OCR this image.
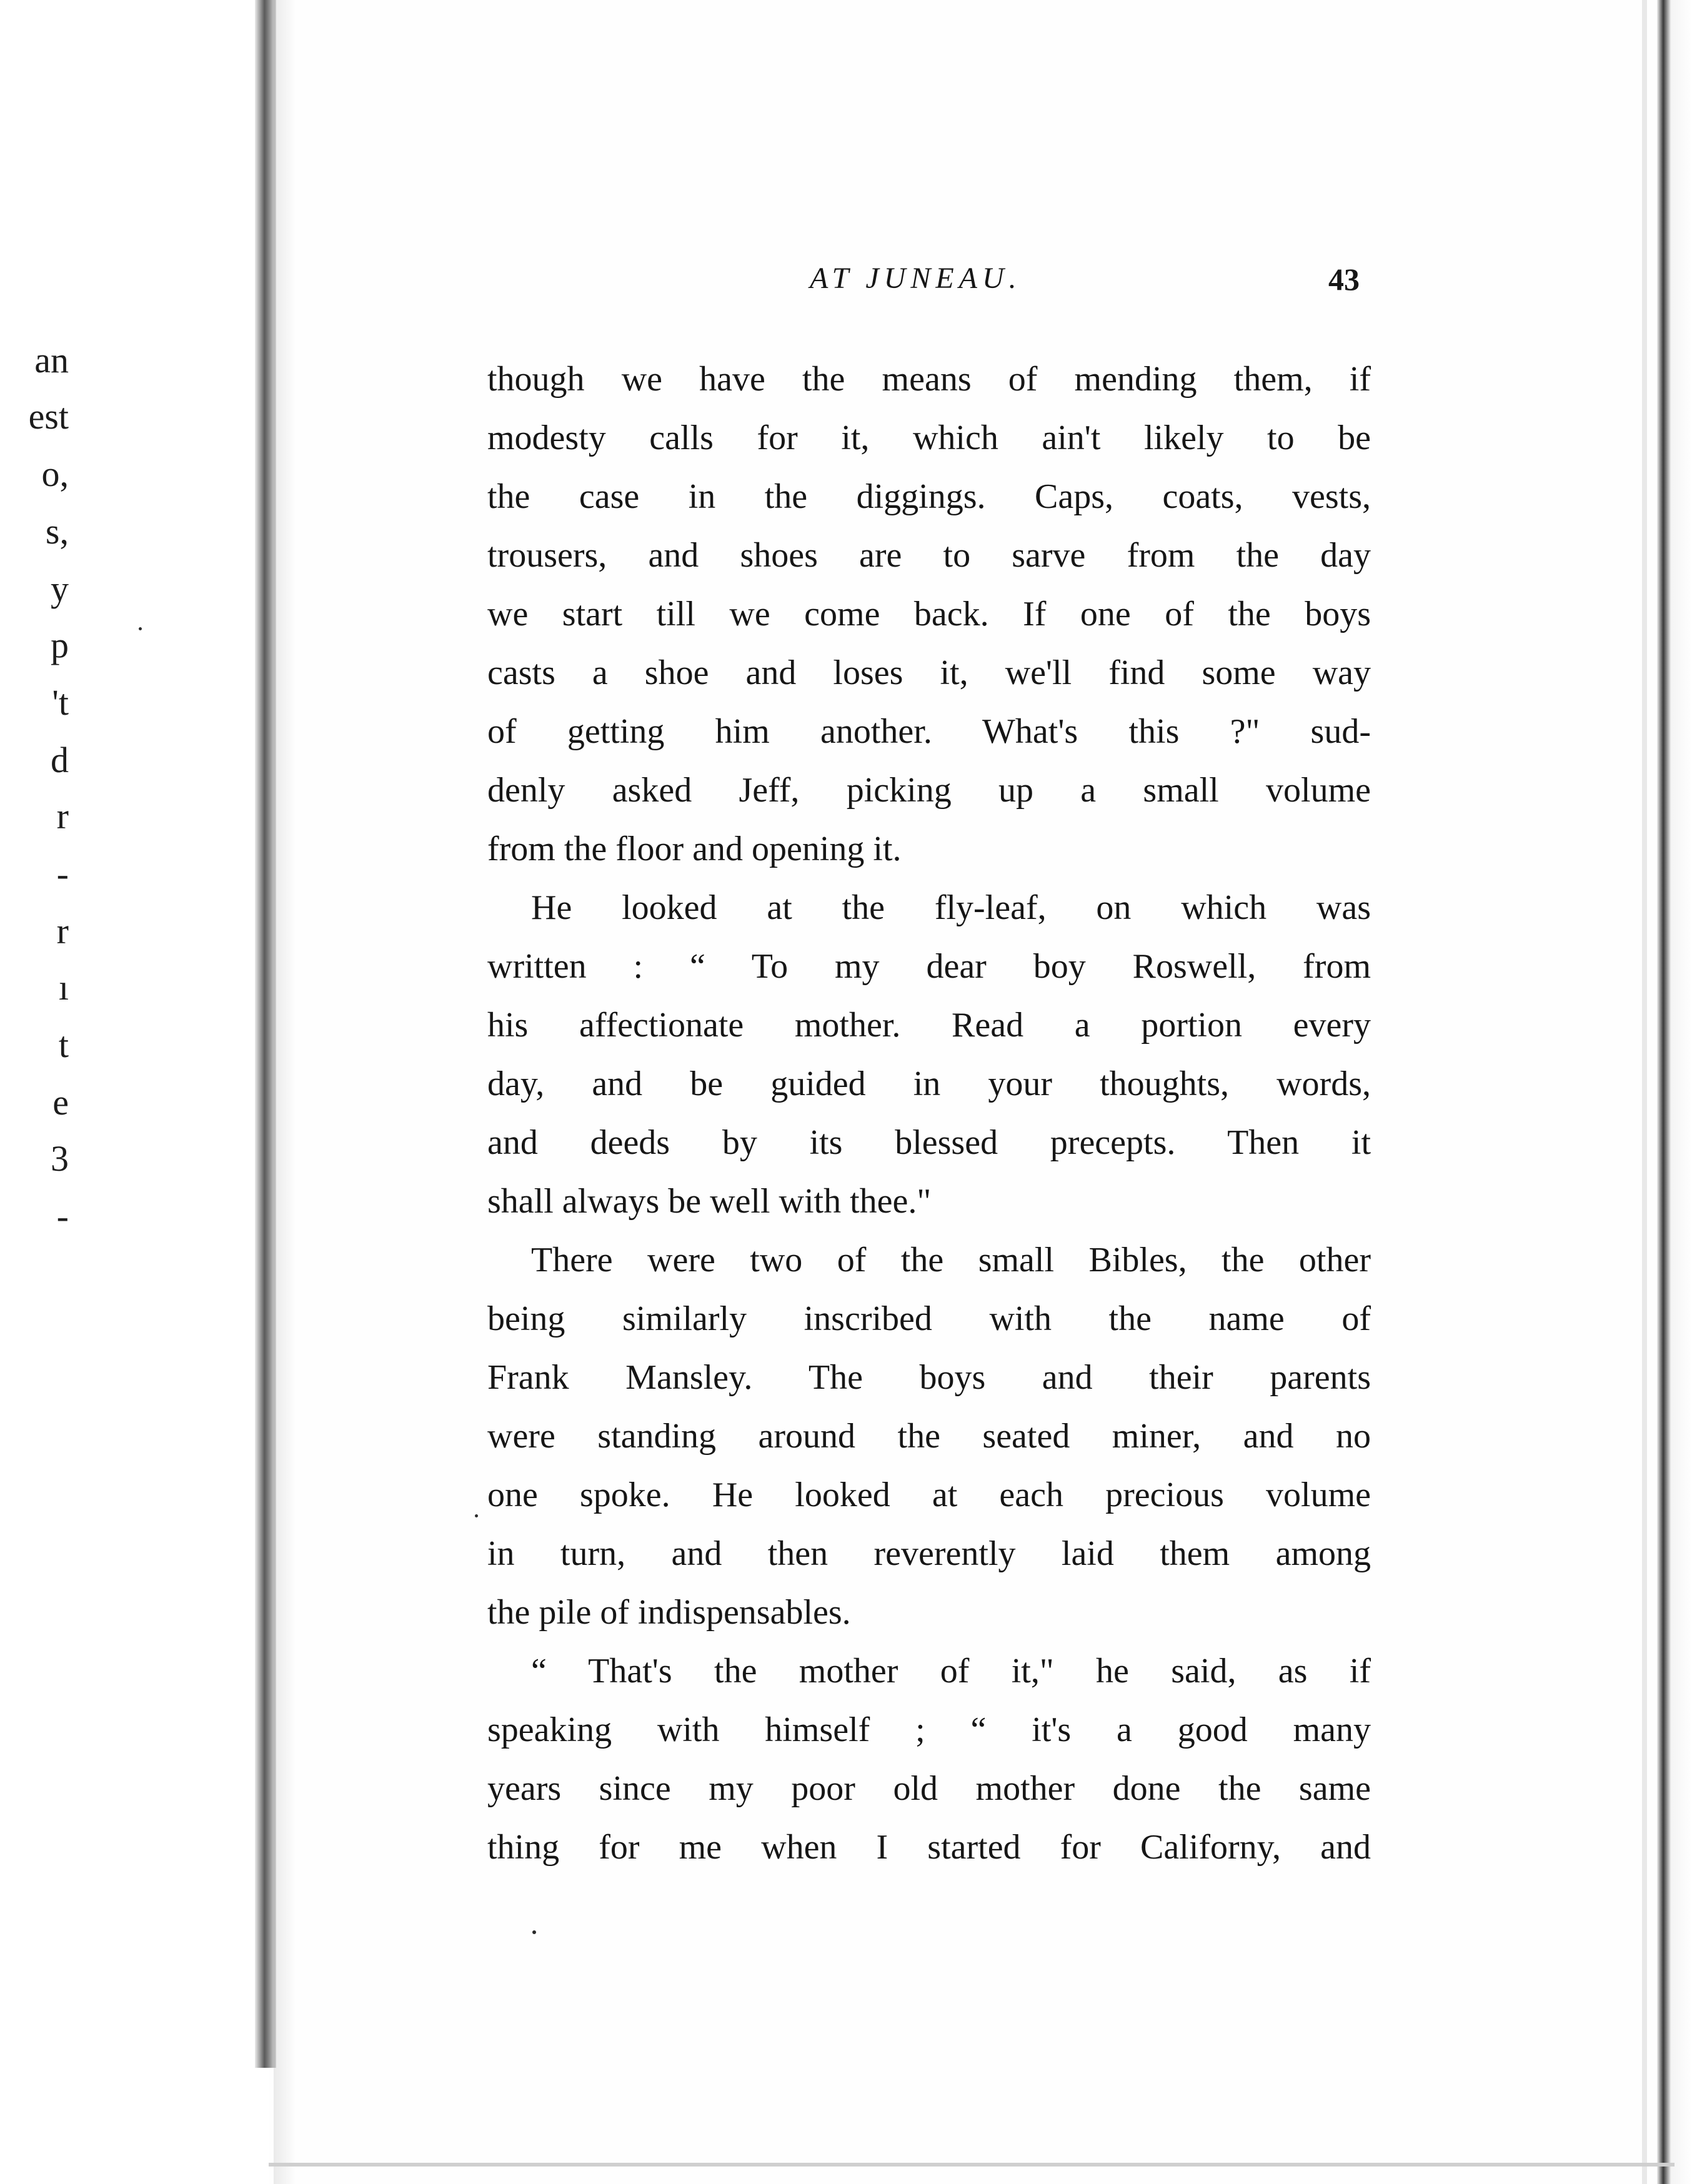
an
est
o,
s,
y
p
't
d
r
-
r
ı
t
e
3
-
AT JUNEAU.	43
though we have the means of mending them, if
modesty calls for it, which ain't likely to be
the case in the diggings. Caps, coats, vests,
trousers, and shoes are to sarve from the day
we start till we come back. If one of the boys
casts a shoe and loses it, we'll find some way
of getting him another. What's this ?" sud-
denly asked Jeff, picking up a small volume
from the floor and opening it.
He looked at the fly-leaf, on which was
written : “ To my dear boy Roswell, from
his affectionate mother. Read a portion every
day, and be guided in your thoughts, words,
and deeds by its blessed precepts. Then it
shall always be well with thee."
There were two of the small Bibles, the other
being similarly inscribed with the name of
Frank Mansley. The boys and their parents
were standing around the seated miner, and no
one spoke. He looked at each precious volume
in turn, and then reverently laid them among
the pile of indispensables.
“ That's the mother of it," he said, as if
speaking with himself ; “ it's a good many
years since my poor old mother done the same
thing for me when I started for Californy, and
